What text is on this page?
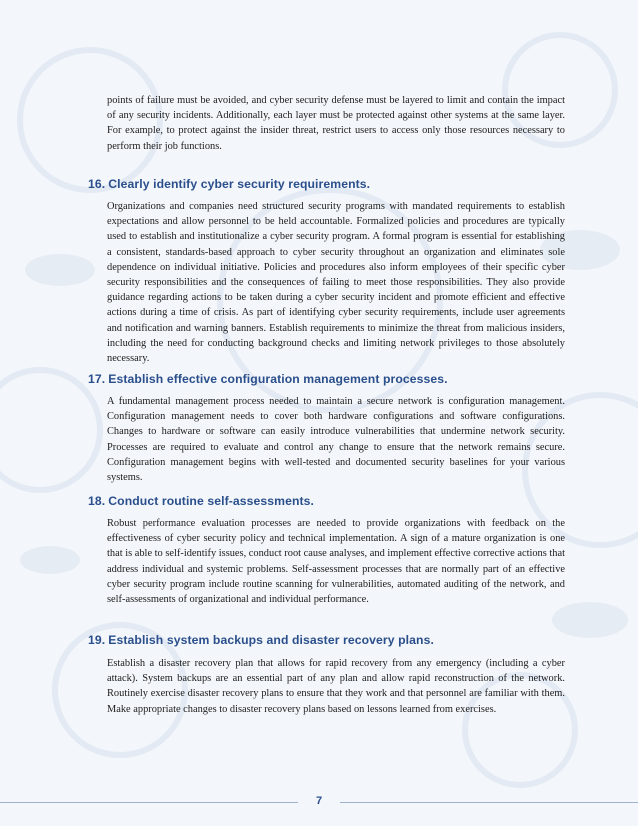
points of failure must be avoided, and cyber security defense must be layered to limit and contain the impact of any security incidents. Additionally, each layer must be protected against other systems at the same layer. For example, to protect against the insider threat, restrict users to access only those resources necessary to perform their job functions.

16. Clearly identify cyber security requirements.

Organizations and companies need structured security programs with mandated requirements to establish expectations and allow personnel to be held accountable. Formalized policies and procedures are typically used to establish and institutionalize a cyber security program. A formal program is essential for establishing a consistent, standards-based approach to cyber security throughout an organization and eliminates sole dependence on individual initiative. Policies and procedures also inform employees of their specific cyber security responsibilities and the consequences of failing to meet those responsibilities. They also provide guidance regarding actions to be taken during a cyber security incident and promote efficient and effective actions during a time of crisis. As part of identifying cyber security requirements, include user agreements and notification and warning banners. Establish requirements to minimize the threat from malicious insiders, including the need for conducting background checks and limiting network privileges to those absolutely necessary.

17. Establish effective configuration management processes.

A fundamental management process needed to maintain a secure network is configuration management. Configuration management needs to cover both hardware configurations and software configurations. Changes to hardware or software can easily introduce vulnerabilities that undermine network security. Processes are required to evaluate and control any change to ensure that the network remains secure. Configuration management begins with well-tested and documented security baselines for your various systems.

18. Conduct routine self-assessments.

Robust performance evaluation processes are needed to provide organizations with feedback on the effectiveness of cyber security policy and technical implementation. A sign of a mature organization is one that is able to self-identify issues, conduct root cause analyses, and implement effective corrective actions that address individual and systemic problems. Self-assessment processes that are normally part of an effective cyber security program include routine scanning for vulnerabilities, automated auditing of the network, and self-assessments of organizational and individual performance.

19. Establish system backups and disaster recovery plans.

Establish a disaster recovery plan that allows for rapid recovery from any emergency (including a cyber attack). System backups are an essential part of any plan and allow rapid reconstruction of the network. Routinely exercise disaster recovery plans to ensure that they work and that personnel are familiar with them. Make appropriate changes to disaster recovery plans based on lessons learned from exercises.

7
